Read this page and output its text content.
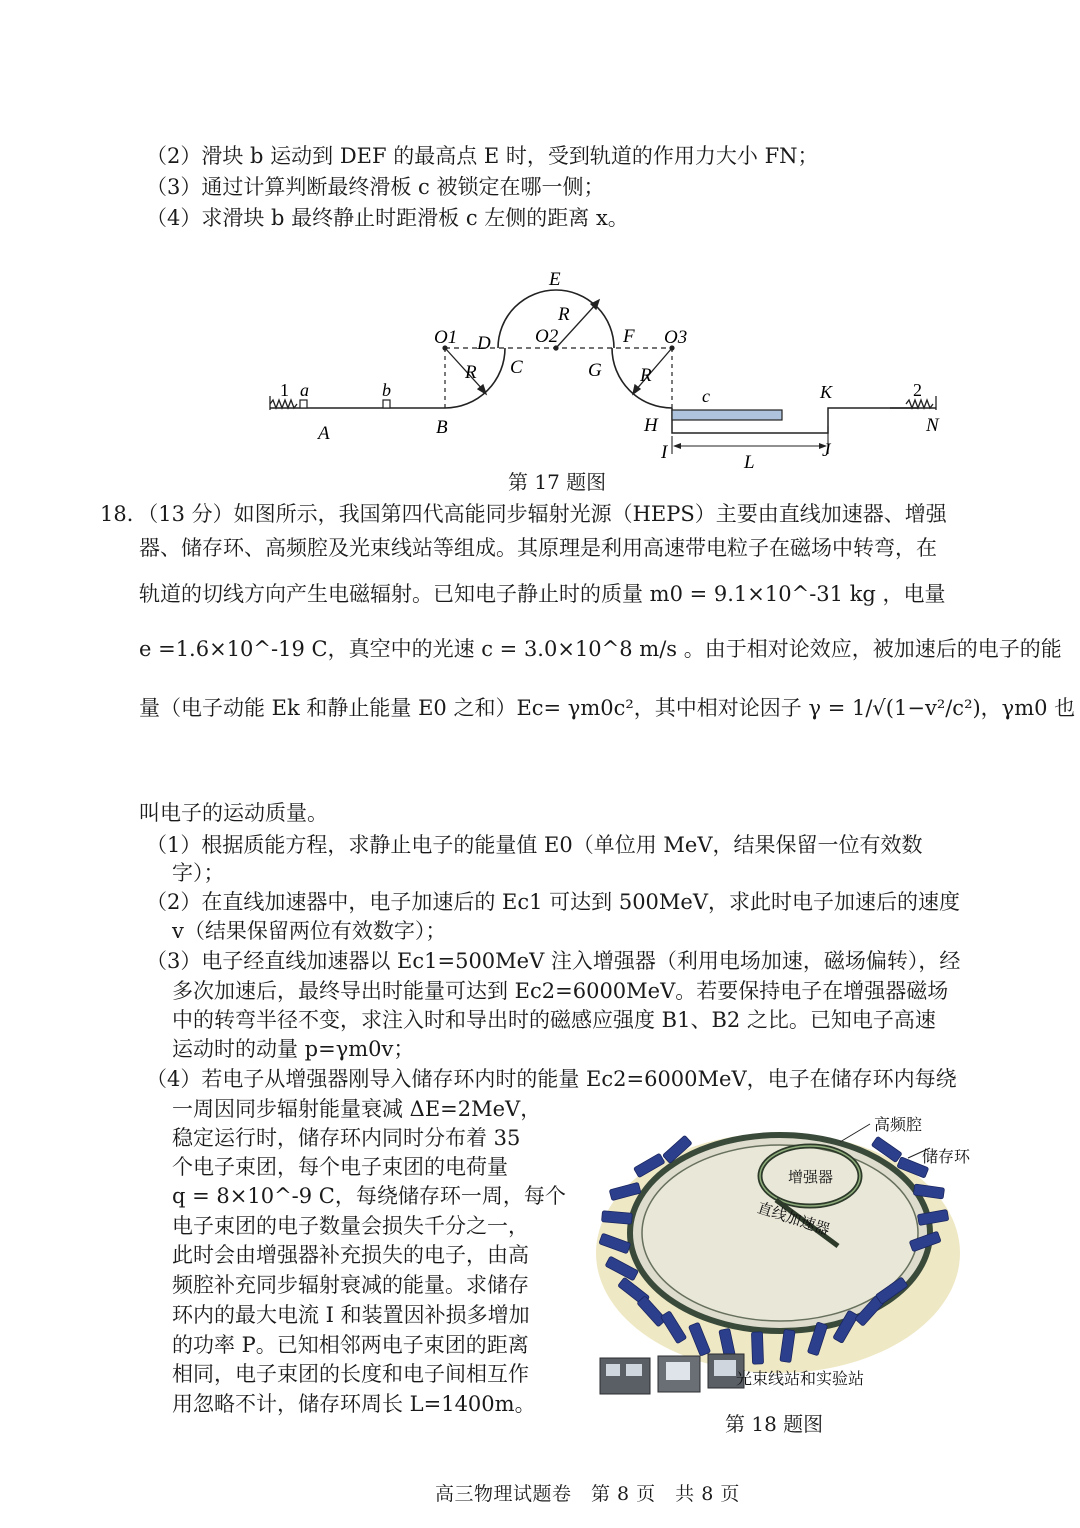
（2）滑块 b 运动到 DEF 的最高点 E 时，受到轨道的作用力大小 FN；
（3）通过计算判断最终滑板 c 被锁定在哪一侧；
（4）求滑块 b 最终静止时距滑板 c 左侧的距离 x。
E
R
O1	O2	O3
D	F
C	G
R	R
1 a	b	c	K	2
A	B	H	N
I	J
L
第 17 题图
18．（13 分）如图所示，我国第四代高能同步辐射光源（HEPS）主要由直线加速器、增强
器、储存环、高频腔及光束线站等组成。其原理是利用高速带电粒子在磁场中转弯，在
轨道的切线方向产生电磁辐射。已知电子静止时的质量 m0 = 9.1×10^-31 kg ，电量
e =1.6×10^-19 C，真空中的光速 c = 3.0×10^8 m/s 。由于相对论效应，被加速后的电子的能
量（电子动能 Ek 和静止能量 E0 之和）Ec= γm0c²，其中相对论因子 γ = 1/√(1−v²/c²)，γm0 也
叫电子的运动质量。
（1）根据质能方程，求静止电子的能量值 E0（单位用 MeV，结果保留一位有效数
字）；
（2）在直线加速器中，电子加速后的 Ec1 可达到 500MeV，求此时电子加速后的速度
v（结果保留两位有效数字）；
（3）电子经直线加速器以 Ec1=500MeV 注入增强器（利用电场加速，磁场偏转），经
多次加速后，最终导出时能量可达到 Ec2=6000MeV。若要保持电子在增强器磁场
中的转弯半径不变，求注入时和导出时的磁感应强度 B1、B2 之比。已知电子高速
运动时的动量 p=γm0v；
（4）若电子从增强器刚导入储存环内时的能量 Ec2=6000MeV，电子在储存环内每绕
一周因同步辐射能量衰减 ΔE=2MeV，
稳定运行时，储存环内同时分布着 35
个电子束团，每个电子束团的电荷量
q = 8×10^-9 C，每绕储存环一周，每个
电子束团的电子数量会损失千分之一，
此时会由增强器补充损失的电子，由高
频腔补充同步辐射衰减的能量。求储存
环内的最大电流 I 和装置因补损多增加
的功率 P。已知相邻两电子束团的距离
相同，电子束团的长度和电子间相互作
用忽略不计，储存环周长 L=1400m。
高频腔
储存环
增强器
直线加速器
光束线站和实验站
第 18 题图
高三物理试题卷　第 8 页　共 8 页
